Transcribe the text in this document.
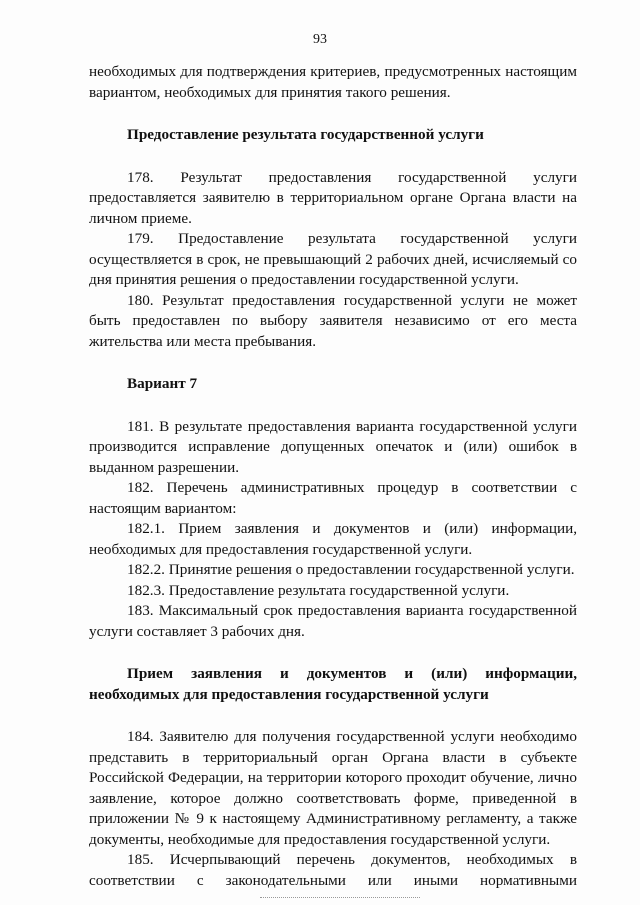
93

необходимых для подтверждения критериев, предусмотренных настоящим вариантом, необходимых для принятия такого решения.

Предоставление результата государственной услуги

178. Результат предоставления государственной услуги предоставляется заявителю в территориальном органе Органа власти на личном приеме.

179. Предоставление результата государственной услуги осуществляется в срок, не превышающий 2 рабочих дней, исчисляемый со дня принятия решения о предоставлении государственной услуги.

180. Результат предоставления государственной услуги не может быть предоставлен по выбору заявителя независимо от его места жительства или места пребывания.

Вариант 7

181. В результате предоставления варианта государственной услуги производится исправление допущенных опечаток и (или) ошибок в выданном разрешении.

182. Перечень административных процедур в соответствии с настоящим вариантом:

182.1. Прием заявления и документов и (или) информации, необходимых для предоставления государственной услуги.

182.2. Принятие решения о предоставлении государственной услуги.

182.3. Предоставление результата государственной услуги.

183. Максимальный срок предоставления варианта государственной услуги составляет 3 рабочих дня.

Прием заявления и документов и (или) информации,
необходимых для предоставления государственной услуги

184. Заявителю для получения государственной услуги необходимо представить в территориальный орган Органа власти в субъекте Российской Федерации, на территории которого проходит обучение, лично заявление, которое должно соответствовать форме, приведенной в приложении № 9 к настоящему Административному регламенту, а также документы, необходимые для предоставления государственной услуги.

185. Исчерпывающий перечень документов, необходимых в соответствии с законодательными или иными нормативными
